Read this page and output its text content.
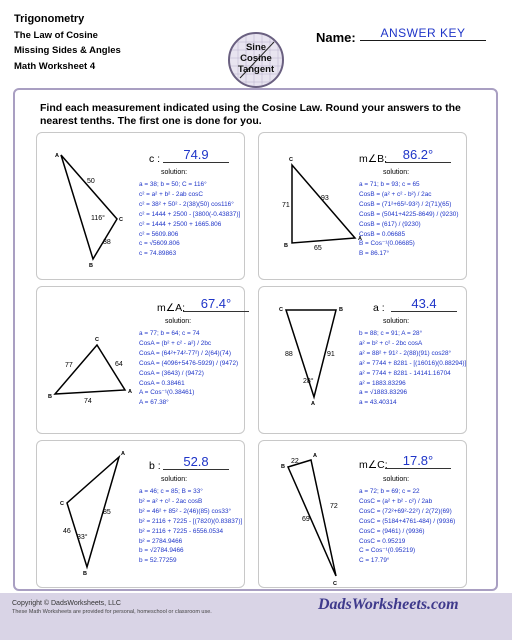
Trigonometry
The Law of Cosine
Missing Sides & Angles
Math Worksheet 4
Sine
Cosine
Tangent
Name:	ANSWER KEY
Find each measurement indicated using the Cosine Law. Round your answers to the nearest tenths. The first one is done for you.
A
C
B
50
38
116°
c :	74.9
solution:
a = 38; b = 50; C = 116°
c² = a² + b² - 2ab cosC
c² = 38² + 50² - 2(38)(50) cos116°
c² = 1444 + 2500 - [3800(-0.43837)]
c² = 1444 + 2500 + 1665.806
c² = 5609.806
c = √5609.806
c = 74.89863
C
B
A
71
93
65
m∠B:	86.2°
solution:
a = 71; b = 93; c = 65
CosB = (a² + c² - b²) / 2ac
CosB = (71²+65²-93²) / 2(71)(65)
CosB = (5041+4225-8649) / (9230)
CosB = (617) / (9230)
CosB = 0.06685
B = Cos⁻¹(0.06685)
B = 86.17°
B
C
A
77	64
74
m∠A:	67.4°
solution:
a = 77; b = 64; c = 74
CosA = (b² + c² - a²) / 2bc
CosA = (64²+74²-77²) / 2(64)(74)
CosA = (4096+5476-5929) / (9472)
CosA = (3643) / (9472)
CosA = 0.38461
A = Cos⁻¹(0.38461)
A = 67.38°
C	B
A
88	91
28°
a :	43.4
solution:
b = 88; c = 91; A = 28°
a² = b² + c² - 2bc cosA
a² = 88² + 91² - 2(88)(91) cos28°
a² = 7744 + 8281 - [(16016)(0.88294)]
a² = 7744 + 8281 - 14141.16704
a² = 1883.83296
a = √1883.83296
a = 43.40314
A
C
B
46
85
33°
b :	52.8
solution:
a = 46; c = 85; B = 33°
b² = a² + c² - 2ac cosB
b² = 46² + 85² - 2(46)(85) cos33°
b² = 2116 + 7225 - [(7820)(0.83837)]
b² = 2116 + 7225 - 6556.0534
b² = 2784.9466
b = √2784.9466
b = 52.77259
B
A
C
22
69
72
m∠C:	17.8°
solution:
a = 72; b = 69; c = 22
CosC = (a² + b² - c²) / 2ab
CosC = (72²+69²-22²) / 2(72)(69)
CosC = (5184+4761-484) / (9936)
CosC = (9461) / (9936)
CosC = 0.95219
C = Cos⁻¹(0.95219)
C = 17.79°
Copyright © DadsWorksheets, LLC
These Math Worksheets are provided for personal, homeschool or classroom use.	DadsWorksheets.com
